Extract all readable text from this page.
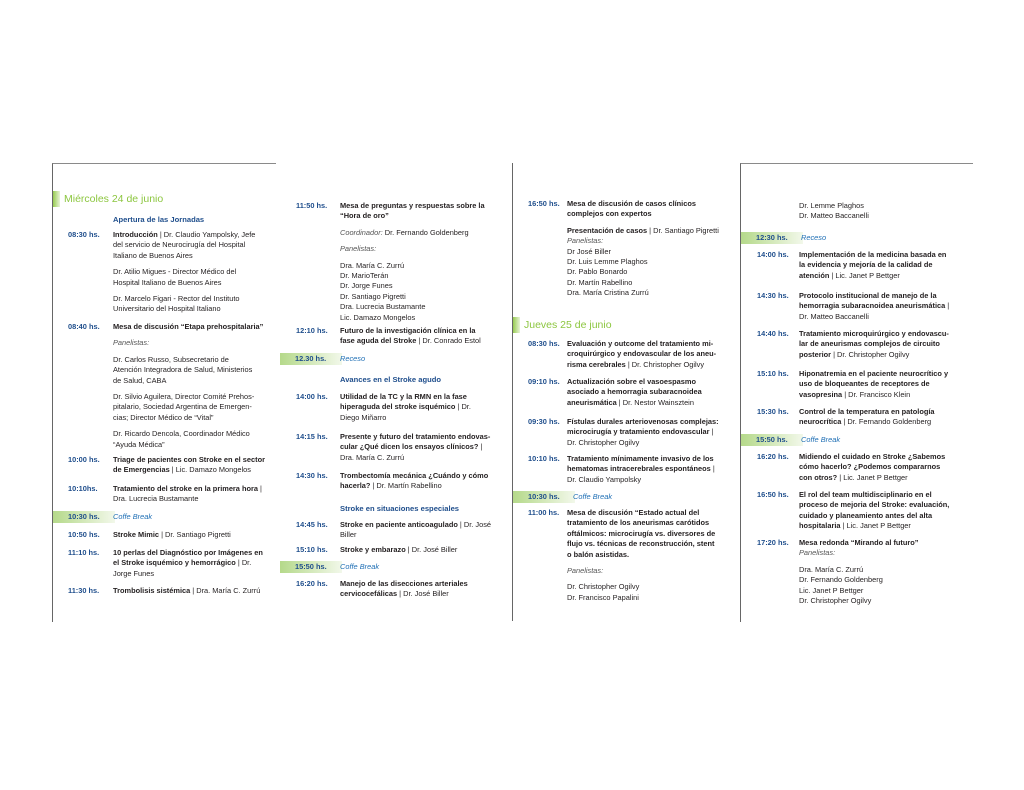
Miércoles 24 de junio
Apertura de las Jornadas
08:30 hs.	Introducción | Dr. Claudio Yampolsky, Jefe
del servicio de Neurocirugía del Hospital
Italiano de Buenos Aires
Dr. Atilio Migues - Director Médico del
Hospital Italiano de Buenos Aires
Dr. Marcelo Figari - Rector del Instituto
Universitario del Hospital Italiano
08:40 hs.	Mesa de discusión “Etapa prehospitalaria”
Panelistas:
Dr. Carlos Russo, Subsecretario de
Atención Integradora de Salud, Ministerios
de Salud, CABA
Dr. Silvio Aguilera, Director Comité Prehos-
pitalario, Sociedad Argentina de Emergen-
cias; Director Médico de “Vital”
Dr. Ricardo Dencola, Coordinador Médico
“Ayuda Médica”
10:00 hs.	Triage de pacientes con Stroke en el sector
de Emergencias | Lic. Damazo Mongelos
10:10hs.	Tratamiento del stroke en la primera hora |
Dra. Lucrecia Bustamante
10:30 hs. Coffe Break
10:50 hs.	Stroke Mimic | Dr. Santiago Pigretti
11:10 hs.	10 perlas del Diagnóstico por Imágenes en
el Stroke isquémico y hemorrágico | Dr.
Jorge Funes
11:30 hs.	Trombolisis sistémica | Dra. María C. Zurrú
11:50 hs.	Mesa de preguntas y respuestas sobre la
“Hora de oro”
Coordinador: Dr. Fernando Goldenberg
Panelistas:
Dra. María C. Zurrú
Dr. MarioTerán
Dr. Jorge Funes
Dr. Santiago Pigretti
Dra. Lucrecia Bustamante
Lic. Damazo Mongelos
12:10 hs.	Futuro de la investigación clínica en la
fase aguda del Stroke | Dr. Conrado Estol
12.30 hs. Receso
Avances en el Stroke agudo
14:00 hs.	Utilidad de la TC y la RMN en la fase
hiperaguda del stroke isquémico | Dr.
Diego Miñarro
14:15 hs.	Presente y futuro del tratamiento endovas-
cular ¿Qué dicen los ensayos clínicos? |
Dra. María C. Zurrú
14:30 hs.	Trombectomía mecánica ¿Cuándo y cómo
hacerla? | Dr. Martín Rabellino
Stroke en situaciones especiales
14:45 hs.	Stroke en paciente anticoagulado | Dr. José
Biller
15:10 hs.	Stroke y embarazo | Dr. José Biller
15:50 hs. Coffe Break
16:20 hs.	Manejo de las disecciones arteriales
cervicocefálicas | Dr. José Biller
16:50 hs. Mesa de discusión de casos clínicos
complejos con expertos
Presentación de casos | Dr. Santiago Pigretti
Panelistas:
Dr José Biller
Dr. Luis Lemme Plaghos
Dr. Pablo Bonardo
Dr. Martín Rabellino
Dra. María Cristina Zurrú
Jueves 25 de junio
08:30 hs. Evaluación y outcome del tratamiento mi-
croquirúrgico y endovascular de los aneu-
risma cerebrales | Dr. Christopher Ogilvy
09:10 hs. Actualización sobre el vasoespasmo
asociado a hemorragia subaracnoidea
aneurismática | Dr. Nestor Wainsztein
09:30 hs. Fístulas durales arteriovenosas complejas:
microcirugía y tratamiento endovascular |
Dr. Christopher Ogilvy
10:10 hs. Tratamiento mínimamente invasivo de los
hematomas intracerebrales espontáneos |
Dr. Claudio Yampolsky
10:30 hs. Coffe Break
11:00 hs.	Mesa de discusión “Estado actual del
tratamiento de los aneurismas carótidos
oftálmicos: microcirugía vs. diversores de
flujo vs. técnicas de reconstrucción, stent
o balón asistidas.
Panelistas:
Dr. Christopher Ogilvy
Dr. Francisco Papalini
Dr. Lemme Plaghos
Dr. Matteo Baccanelli
12:30 hs. Receso
14:00 hs.	Implementación de la medicina basada en
la evidencia y mejoría de la calidad de
atención | Lic. Janet P Bettger
14:30 hs.	Protocolo institucional de manejo de la
hemorragia subaracnoidea aneurismática |
Dr. Matteo Baccanelli
14:40 hs.	Tratamiento microquirúrgico y endovascu-
lar de aneurismas complejos de circuito
posterior | Dr. Christopher Ogilvy
15:10 hs.	Hiponatremia en el paciente neurocrítico y
uso de bloqueantes de receptores de
vasopresina | Dr. Francisco Klein
15:30 hs.	Control de la temperatura en patología
neurocrítica | Dr. Fernando Goldenberg
15:50 hs. Coffe Break
16:20 hs.	Midiendo el cuidado en Stroke ¿Sabemos
cómo hacerlo? ¿Podemos compararnos
con otros? | Lic. Janet P Bettger
16:50 hs.	El rol del team multidisciplinario en el
proceso de mejoria del Stroke: evaluación,
cuidado y planeamiento antes del alta
hospitalaria | Lic. Janet P Bettger
17:20 hs.	Mesa redonda “Mirando al futuro”
Panelistas:
Dra. María C. Zurrú
Dr. Fernando Goldenberg
Lic. Janet P Bettger
Dr. Christopher Ogilvy
